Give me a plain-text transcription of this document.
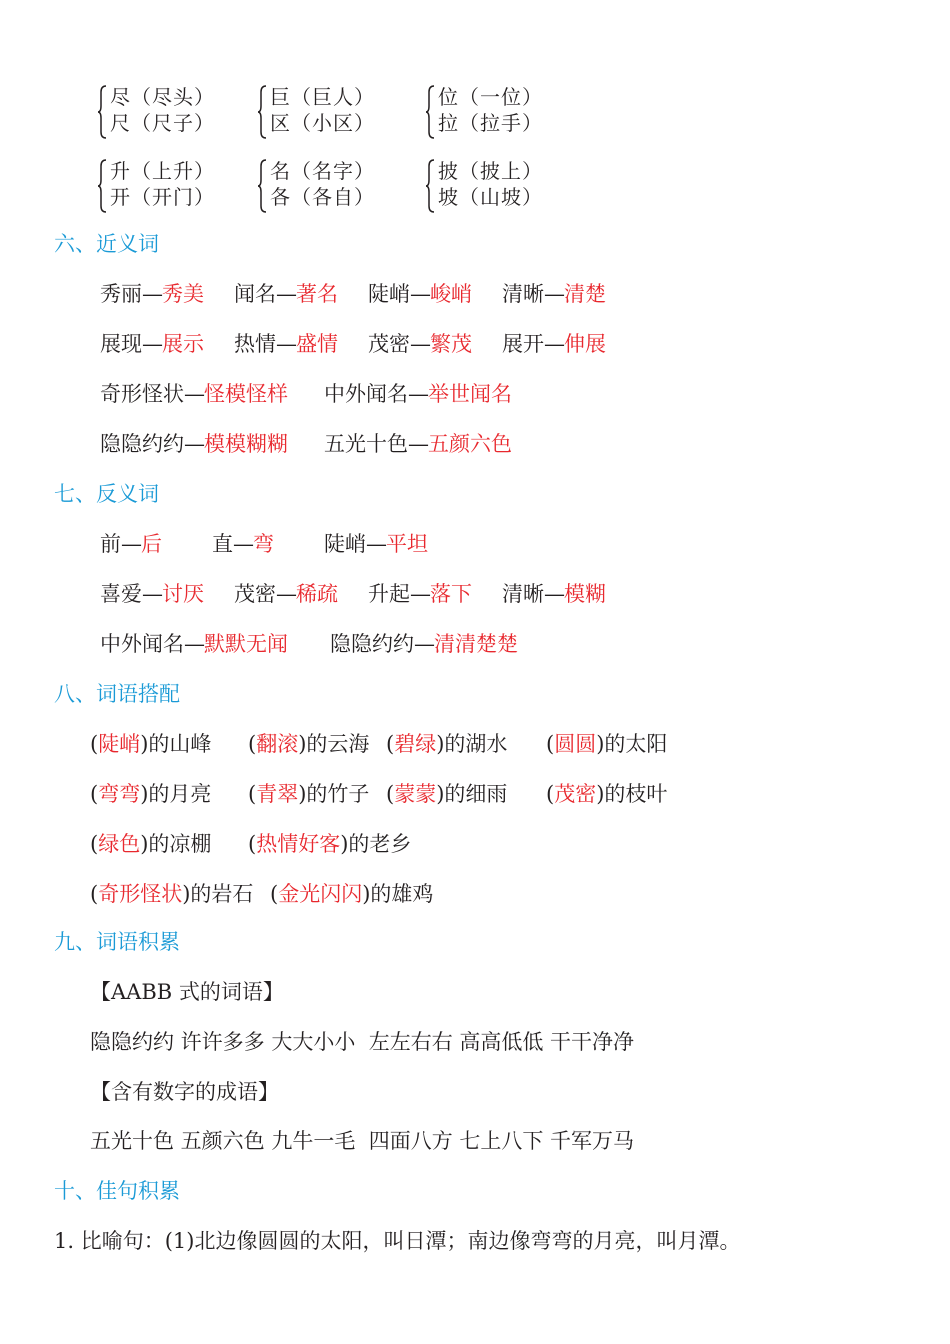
尽（尽头）
尺（尺子）
巨（巨人）
区（小区）
位（一位）
拉（拉手）
升（上升）
开（开门）
名（名字）
各（各自）
披（披上）
坡（山坡）
六、近义词
秀丽—秀美 闻名—著名 陡峭—峻峭 清晰—清楚
展现—展示 热情—盛情 茂密—繁茂 展开—伸展
奇形怪状—怪模怪样 中外闻名—举世闻名
隐隐约约—模模糊糊 五光十色—五颜六色
七、反义词
前—后 直—弯 陡峭—平坦
喜爱—讨厌 茂密—稀疏 升起—落下 清晰—模糊
中外闻名—默默无闻 隐隐约约—清清楚楚
八、词语搭配
(陡峭)的山峰 (翻滚)的云海 (碧绿)的湖水 (圆圆)的太阳
(弯弯)的月亮 (青翠)的竹子 (蒙蒙)的细雨 (茂密)的枝叶
(绿色)的凉棚 (热情好客)的老乡
(奇形怪状)的岩石 (金光闪闪)的雄鸡
九、词语积累
【AABB 式的词语】
隐隐约约 许许多多 大大小小  左左右右 高高低低 干干净净
【含有数字的成语】
五光十色 五颜六色 九牛一毛  四面八方 七上八下 千军万马
十、佳句积累
1. 比喻句：(1)北边像圆圆的太阳，叫日潭；南边像弯弯的月亮，叫月潭。
